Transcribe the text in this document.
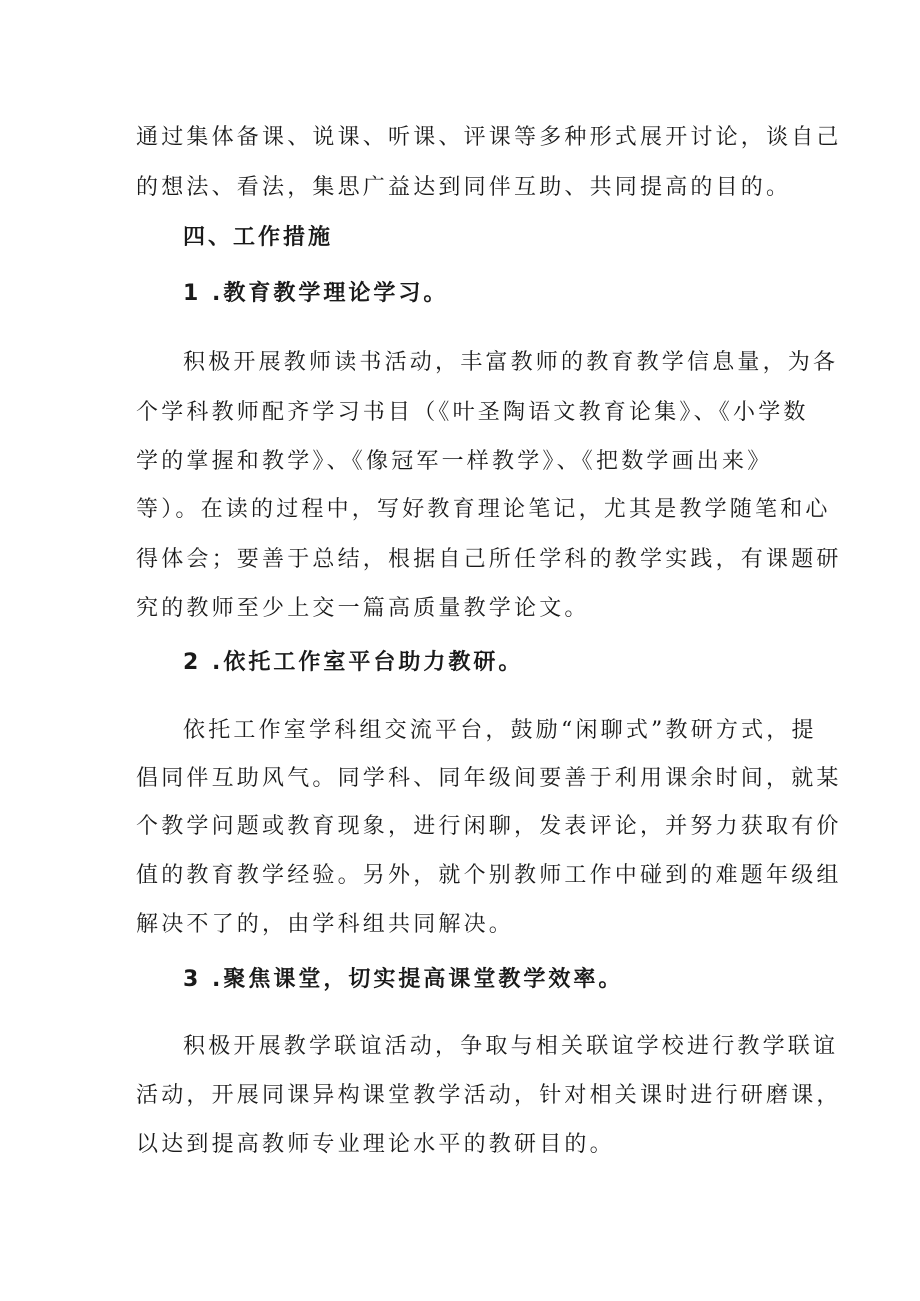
通过集体备课、说课、听课、评课等多种形式展开讨论，谈自己
的想法、看法，集思广益达到同伴互助、共同提高的目的。
四、工作措施
1 .教育教学理论学习。
积极开展教师读书活动，丰富教师的教育教学信息量，为各
个学科教师配齐学习书目（《叶圣陶语文教育论集》、《小学数
学的掌握和教学》、《像冠军一样教学》、《把数学画出来》
等）。在读的过程中，写好教育理论笔记，尤其是教学随笔和心
得体会；要善于总结，根据自己所任学科的教学实践，有课题研
究的教师至少上交一篇高质量教学论文。
2 .依托工作室平台助力教研。
依托工作室学科组交流平台，鼓励“闲聊式”教研方式，提
倡同伴互助风气。同学科、同年级间要善于利用课余时间，就某
个教学问题或教育现象，进行闲聊，发表评论，并努力获取有价
值的教育教学经验。另外，就个别教师工作中碰到的难题年级组
解决不了的，由学科组共同解决。
3 .聚焦课堂，切实提高课堂教学效率。
积极开展教学联谊活动，争取与相关联谊学校进行教学联谊
活动，开展同课异构课堂教学活动，针对相关课时进行研磨课，
以达到提高教师专业理论水平的教研目的。
